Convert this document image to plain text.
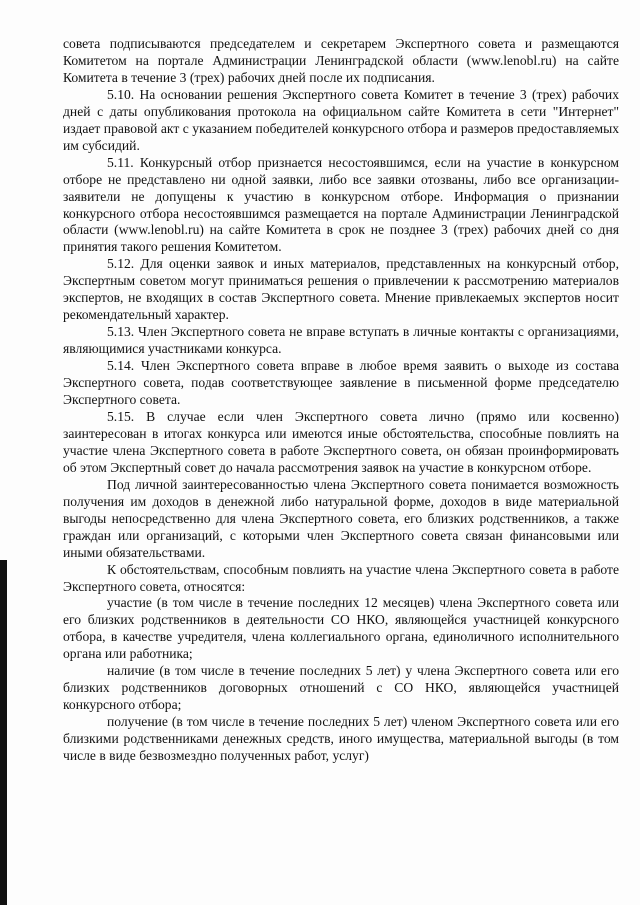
совета подписываются председателем и секретарем Экспертного совета и размещаются Комитетом на портале Администрации Ленинградской области (www.lenobl.ru) на сайте Комитета в течение 3 (трех) рабочих дней после их подписания.

5.10. На основании решения Экспертного совета Комитет в течение 3 (трех) рабочих дней с даты опубликования протокола на официальном сайте Комитета в сети "Интернет" издает правовой акт с указанием победителей конкурсного отбора и размеров предоставляемых им субсидий.

5.11. Конкурсный отбор признается несостоявшимся, если на участие в конкурсном отборе не представлено ни одной заявки, либо все заявки отозваны, либо все организации-заявители не допущены к участию в конкурсном отборе. Информация о признании конкурсного отбора несостоявшимся размещается на портале Администрации Ленинградской области (www.lenobl.ru) на сайте Комитета в срок не позднее 3 (трех) рабочих дней со дня принятия такого решения Комитетом.

5.12. Для оценки заявок и иных материалов, представленных на конкурсный отбор, Экспертным советом могут приниматься решения о привлечении к рассмотрению материалов экспертов, не входящих в состав Экспертного совета. Мнение привлекаемых экспертов носит рекомендательный характер.

5.13. Член Экспертного совета не вправе вступать в личные контакты с организациями, являющимися участниками конкурса.

5.14. Член Экспертного совета вправе в любое время заявить о выходе из состава Экспертного совета, подав соответствующее заявление в письменной форме председателю Экспертного совета.

5.15. В случае если член Экспертного совета лично (прямо или косвенно) заинтересован в итогах конкурса или имеются иные обстоятельства, способные повлиять на участие члена Экспертного совета в работе Экспертного совета, он обязан проинформировать об этом Экспертный совет до начала рассмотрения заявок на участие в конкурсном отборе.

Под личной заинтересованностью члена Экспертного совета понимается возможность получения им доходов в денежной либо натуральной форме, доходов в виде материальной выгоды непосредственно для члена Экспертного совета, его близких родственников, а также граждан или организаций, с которыми член Экспертного совета связан финансовыми или иными обязательствами.

К обстоятельствам, способным повлиять на участие члена Экспертного совета в работе Экспертного совета, относятся:

участие (в том числе в течение последних 12 месяцев) члена Экспертного совета или его близких родственников в деятельности СО НКО, являющейся участницей конкурсного отбора, в качестве учредителя, члена коллегиального органа, единоличного исполнительного органа или работника;

наличие (в том числе в течение последних 5 лет) у члена Экспертного совета или его близких родственников договорных отношений с СО НКО, являющейся участницей конкурсного отбора;

получение (в том числе в течение последних 5 лет) членом Экспертного совета или его близкими родственниками денежных средств, иного имущества, материальной выгоды (в том числе в виде безвозмездно полученных работ, услуг)
